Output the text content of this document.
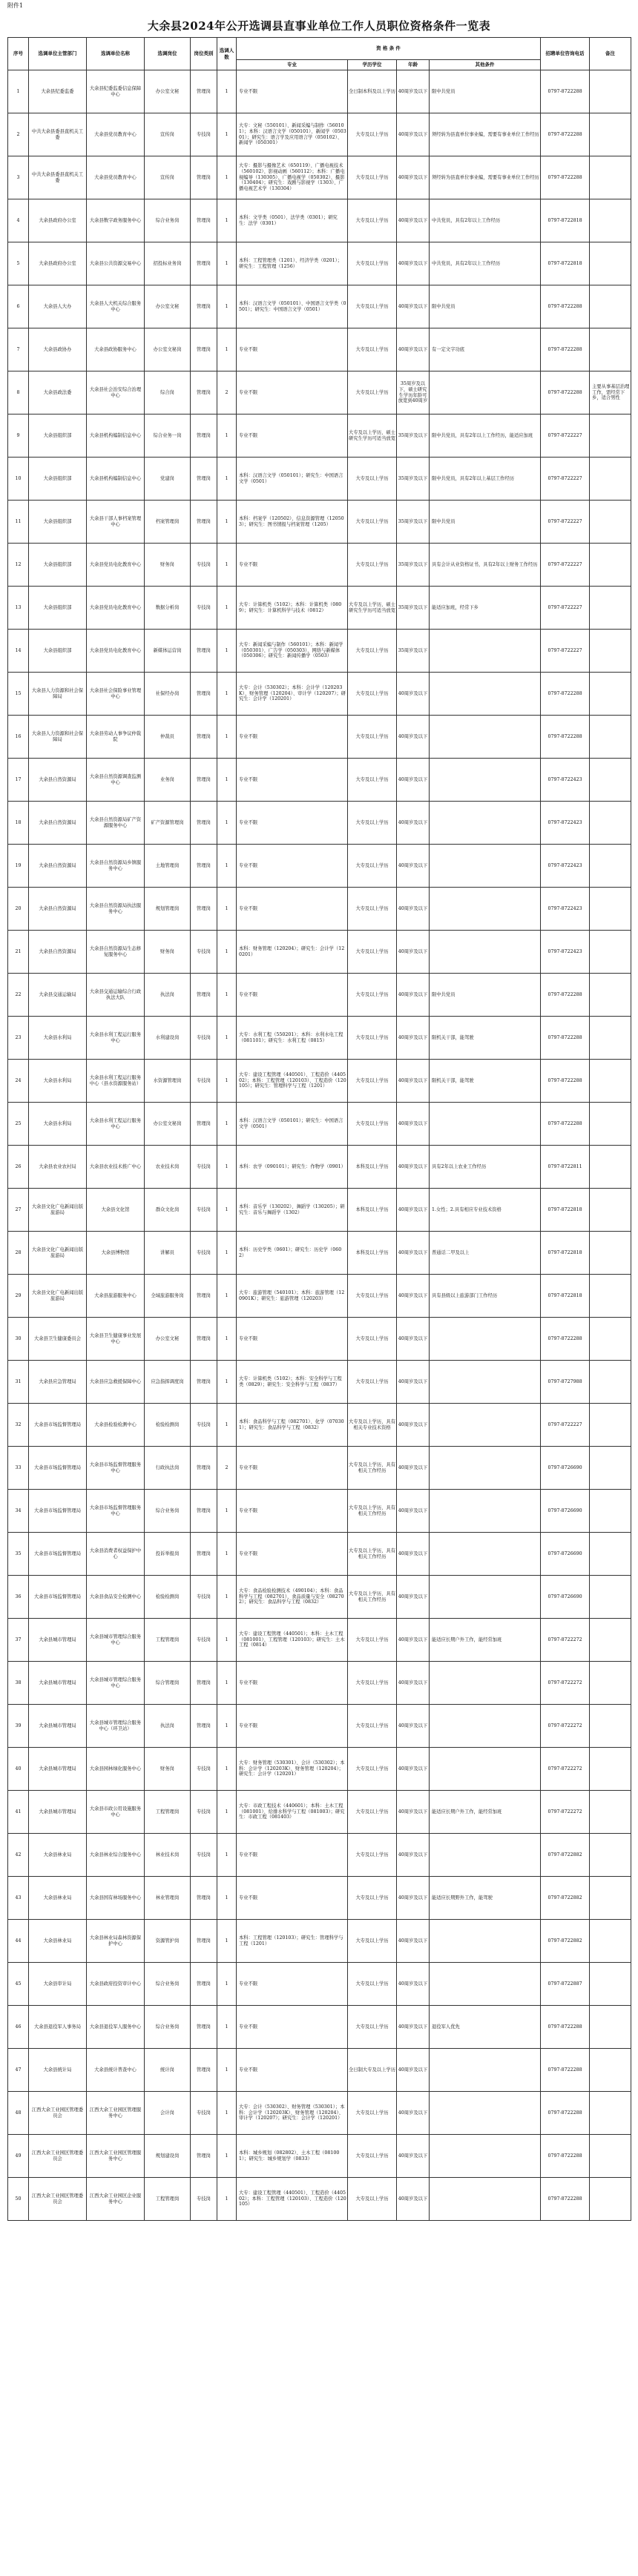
附件1
大余县2024年公开选调县直事业单位工作人员职位资格条件一览表
序号	选调单位主管部门	选调单位名称	选调岗位	岗位类别	选调人数	资 格 条 件				招聘单位咨询电话	备注
						专业	学历学位	年龄	其他条件		
1	大余县纪委监委	大余县纪委监委信息保障中心	办公室文秘	管理岗	1	专业不限	全日制本科及以上学历	40周岁及以下	限中共党员	0797-8722288	
2	中共大余县委县直机关工委	大余县党员教育中心	宣传岗	专技岗	1	大专：文秘（550101）、新闻采编与制作（560101）；本科：汉语言文学（050101）、新闻学（050301）；研究生：语言学及应用语言学（050102）、新闻学（050301）	大专及以上学历	40周岁及以下	须经转为县直单位事业编，需要有事业单位工作经历	0797-8722288	
3	中共大余县委县直机关工委	大余县党员教育中心	宣传岗	管理岗	1	大专：摄影与摄像艺术（650119）、广播电视技术（560102）、影视动画（560112）；本科：广播电视编导（130305）、广播电视学（050302）、摄影（130404）；研究生：戏剧与影视学（1303）、广播电视艺术学（130304）	大专及以上学历	40周岁及以下	须经转为县直单位事业编，需要有事业单位工作经历	0797-8722288	
4	大余县政府办公室	大余县数字政务服务中心	综合业务岗	管理岗	1	本科：文学类（0501）、法学类（0301）；研究生：法学（0301）	大专及以上学历	40周岁及以下	中共党员，具有2年以上工作经历	0797-8722818	
5	大余县政府办公室	大余县公共资源交易中心	招投标业务岗	管理岗	1	本科：工程管理类（1201）、经济学类（0201）；研究生：工程管理（1256）	大专及以上学历	40周岁及以下	中共党员，具有2年以上工作经历	0797-8722818	
6	大余县人大办	大余县人大机关综合服务中心	办公室文秘	管理岗	1	本科：汉语言文学（050101）、中国语言文学类（0501）；研究生：中国语言文学（0501）	大专及以上学历	40周岁及以下	限中共党员	0797-8722288	
7	大余县政协办	大余县政协服务中心	办公室文秘岗	管理岗	1	专业不限	大专及以上学历	40周岁及以下	有一定文字功底	0797-8722288	
8	大余县政法委	大余县社会治安综合治理中心	综合岗	管理岗	2	专业不限	大专及以上学历	35周岁及以下，硕士研究生学历年龄可放宽到40周岁		0797-8722288	主要从事基层治理工作，需经常下乡，适合男性
9	大余县组织部	大余县机构编制信息中心	综合业务一岗	管理岗	1	专业不限	大专及以上学历，硕士研究生学历可适当放宽	35周岁及以下	限中共党员，具有2年以上工作经历，能适应加班	0797-8722227	
10	大余县组织部	大余县机构编制信息中心	党建岗	管理岗	1	本科：汉语言文学（050101）；研究生：中国语言文学（0501）	大专及以上学历	35周岁及以下	限中共党员，具有2年以上基层工作经历	0797-8722227	
11	大余县组织部	大余县干部人事档案管理中心	档案管理岗	管理岗	1	本科：档案学（120502）、信息资源管理（120503）；研究生：图书情报与档案管理（1205）	大专及以上学历	35周岁及以下	限中共党员	0797-8722227	
12	大余县组织部	大余县党员电化教育中心	财务岗	专技岗	1	专业不限	大专及以上学历	35周岁及以下	具有会计从业资格证书，具有2年以上财务工作经历	0797-8722227	
13	大余县组织部	大余县党员电化教育中心	数据分析岗	专技岗	1	大专：计算机类（5102）；本科：计算机类（0809）；研究生：计算机科学与技术（0812）	大专及以上学历，硕士研究生学历可适当放宽	35周岁及以下	能适应加班，经常下乡	0797-8722227	
14	大余县组织部	大余县党员电化教育中心	新媒体运营岗	管理岗	1	大专：新闻采编与制作（560101）；本科：新闻学（050301）、广告学（050303）、网络与新媒体（050306）；研究生：新闻传播学（0503）	大专及以上学历	35周岁及以下		0797-8722227	
15	大余县人力资源和社会保障局	大余县社会保险事业管理中心	社保经办岗	管理岗	1	大专：会计（530302）；本科：会计学（120203K）、财务管理（120204）、审计学（120207）；研究生：会计学（120201）	大专及以上学历	40周岁及以下		0797-8722288	
16	大余县人力资源和社会保障局	大余县劳动人事争议仲裁院	仲裁员	管理岗	1	专业不限	大专及以上学历	40周岁及以下		0797-8722288	
17	大余县自然资源局	大余县自然资源调查监测中心	业务岗	管理岗	1	专业不限	大专及以上学历	40周岁及以下		0797-8722423	
18	大余县自然资源局	大余县自然资源局矿产资源服务中心	矿产资源管理岗	管理岗	1	专业不限	大专及以上学历	40周岁及以下		0797-8722423	
19	大余县自然资源局	大余县自然资源局乡镇服务中心	土地管理岗	管理岗	1	专业不限	大专及以上学历	40周岁及以下		0797-8722423	
20	大余县自然资源局	大余县自然资源局执法服务中心	规划管理岗	管理岗	1	专业不限	大专及以上学历	40周岁及以下		0797-8722423	
21	大余县自然资源局	大余县自然资源局生态修复服务中心	财务岗	专技岗	1	本科：财务管理（120204）；研究生：会计学（120201）	大专及以上学历	40周岁及以下		0797-8722423	
22	大余县交通运输局	大余县交通运输综合行政执法大队	执法岗	管理岗	1	专业不限	大专及以上学历	40周岁及以下	限中共党员	0797-8722288	
23	大余县水利局	大余县水利工程运行服务中心	水利建设岗	专技岗	1	大专：水利工程（550201）；本科：水利水电工程（081101）；研究生：水利工程（0815）	大专及以上学历	40周岁及以下	限机关干部，能驾驶	0797-8722288	
24	大余县水利局	大余县水利工程运行服务中心（县水资源服务站）	水资源管理岗	专技岗	1	大专：建设工程管理（440501）、工程造价（440502）；本科：工程管理（120103）、工程造价（120105）；研究生：管理科学与工程（1201）	大专及以上学历	40周岁及以下	限机关干部，能驾驶	0797-8722288	
25	大余县水利局	大余县水利工程运行服务中心	办公室文秘岗	管理岗	1	本科：汉语言文学（050101）；研究生：中国语言文学（0501）	大专及以上学历	40周岁及以下		0797-8722288	
26	大余县农业农村局	大余县农业技术推广中心	农业技术岗	专技岗	1	本科：农学（090101）；研究生：作物学（0901）	本科及以上学历	40周岁及以下	具有2年以上农业工作经历	0797-8722811	
27	大余县文化广电新闻出版旅游局	大余县文化馆	群众文化岗	专技岗	1	本科：音乐学（130202）、舞蹈学（130205）；研究生：音乐与舞蹈学（1302）	本科及以上学历	40周岁及以下	1.女性；2.具有相应专业技术资格	0797-8722818	
28	大余县文化广电新闻出版旅游局	大余县博物馆	讲解员	专技岗	1	本科：历史学类（0601）；研究生：历史学（0602）	本科及以上学历	40周岁及以下	普通话二甲及以上	0797-8722818	
29	大余县文化广电新闻出版旅游局	大余县旅游服务中心	全域旅游服务岗	管理岗	1	大专：旅游管理（540101）；本科：旅游管理（120901K）；研究生：旅游管理（120203）	大专及以上学历	40周岁及以下	具有县级以上旅游部门工作经历	0797-8722818	
30	大余县卫生健康委员会	大余县卫生健康事业发展中心	办公室文秘	管理岗	1	专业不限	大专及以上学历	40周岁及以下		0797-8722288	
31	大余县应急管理局	大余县应急救援保障中心	应急指挥调度岗	管理岗	1	大专：计算机类（5102）；本科：安全科学与工程类（0829）；研究生：安全科学与工程（0837）	大专及以上学历	40周岁及以下		0797-8727988	
32	大余县市场监督管理局	大余县检验检测中心	检验检测岗	专技岗	1	本科：食品科学与工程（082701）、化学（070301）；研究生：食品科学与工程（0832）	大专及以上学历，具有相关专业技术资格	40周岁及以下		0797-8722227	
33	大余县市场监督管理局	大余县市场监督管理服务中心	行政执法岗	管理岗	2	专业不限	大专及以上学历，具有相关工作经历	40周岁及以下		0797-8726690	
34	大余县市场监督管理局	大余县市场监督管理服务中心	综合业务岗	管理岗	1	专业不限	大专及以上学历，具有相关工作经历	40周岁及以下		0797-8726690	
35	大余县市场监督管理局	大余县消费者权益保护中心	投诉举报岗	管理岗	1	专业不限	大专及以上学历，具有相关工作经历	40周岁及以下		0797-8726690	
36	大余县市场监督管理局	大余县食品安全检测中心	检验检测岗	专技岗	1	大专：食品检验检测技术（490104）；本科：食品科学与工程（082701）、食品质量与安全（082702）；研究生：食品科学与工程（0832）	大专及以上学历，具有相关工作经历	40周岁及以下		0797-8726690	
37	大余县城市管理局	大余县城市管理综合服务中心	工程管理岗	专技岗	1	大专：建设工程管理（440501）；本科：土木工程（081001）、工程管理（120103）；研究生：土木工程（0814）	大专及以上学历	40周岁及以下	能适应长期户外工作，能经常加班	0797-8722272	
38	大余县城市管理局	大余县城市管理综合服务中心	综合管理岗	管理岗	1	专业不限	大专及以上学历	40周岁及以下		0797-8722272	
39	大余县城市管理局	大余县城市管理综合服务中心（环卫站）	执法岗	管理岗	1	专业不限	大专及以上学历	40周岁及以下		0797-8722272	
40	大余县城市管理局	大余县园林绿化服务中心	财务岗	专技岗	1	大专：财务管理（530301）、会计（530302）；本科：会计学（120203K）、财务管理（120204）；研究生：会计学（120201）	大专及以上学历	40周岁及以下		0797-8722272	
41	大余县城市管理局	大余县市政公用设施服务中心	工程管理岗	专技岗	1	大专：市政工程技术（440601）；本科：土木工程（081001）、给排水科学与工程（081003）；研究生：市政工程（081403）	大专及以上学历	40周岁及以下	能适应长期户外工作，能经常加班	0797-8722272	
42	大余县林业局	大余县林业综合服务中心	林业技术岗	专技岗	1	专业不限	大专及以上学历	40周岁及以下		0797-8722882	
43	大余县林业局	大余县国有林场服务中心	林业管理岗	管理岗	1	专业不限	大专及以上学历	40周岁及以下	能适应长期野外工作，能驾驶	0797-8722882	
44	大余县林业局	大余县林业局森林资源保护中心	资源管护岗	管理岗	1	本科：工程管理（120103）；研究生：管理科学与工程（1201）	大专及以上学历	40周岁及以下		0797-8722882	
45	大余县审计局	大余县政府投资审计中心	综合业务岗	管理岗	1	专业不限	大专及以上学历	40周岁及以下		0797-8722887	
46	大余县退役军人事务局	大余县退役军人服务中心	综合业务岗	管理岗	1	专业不限	大专及以上学历	40周岁及以下	退役军人优先	0797-8722288	
47	大余县统计局	大余县统计普查中心	统计岗	管理岗	1	专业不限	全日制大专及以上学历	40周岁及以下		0797-8722288	
48	江西大余工业园区管理委员会	江西大余工业园区管理服务中心	会计岗	专技岗	1	大专：会计（530302）、财务管理（530301）；本科：会计学（120203K）、财务管理（120204）、审计学（120207）；研究生：会计学（120201）	大专及以上学历	40周岁及以下		0797-8722288	
49	江西大余工业园区管理委员会	江西大余工业园区管理服务中心	规划建设岗	管理岗	1	本科：城乡规划（082802）、土木工程（081001）；研究生：城乡规划学（0833）	大专及以上学历	40周岁及以下		0797-8722288	
50	江西大余工业园区管理委员会	江西大余工业园区企业服务中心	工程管理岗	专技岗	1	大专：建设工程管理（440501）、工程造价（440502）；本科：工程管理（120103）、工程造价（120105）	大专及以上学历	40周岁及以下		0797-8722288	
